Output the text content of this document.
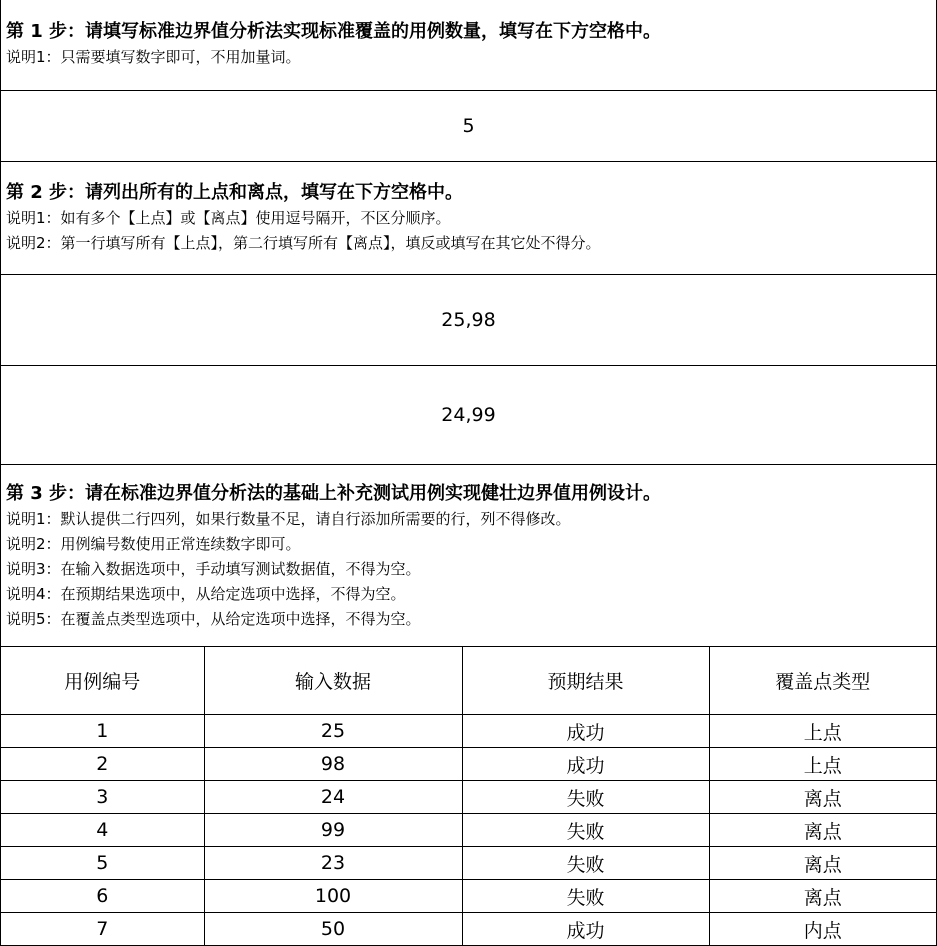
第 1 步：请填写标准边界值分析法实现标准覆盖的用例数量，填写在下方空格中。
说明1：只需要填写数字即可，不用加量词。
5
第 2 步：请列出所有的上点和离点，填写在下方空格中。
说明1：如有多个【上点】或【离点】使用逗号隔开，不区分顺序。
说明2：第一行填写所有【上点】，第二行填写所有【离点】，填反或填写在其它处不得分。
25,98
24,99
第 3 步：请在标准边界值分析法的基础上补充测试用例实现健壮边界值用例设计。
说明1：默认提供二行四列，如果行数量不足，请自行添加所需要的行，列不得修改。
说明2：用例编号数使用正常连续数字即可。
说明3：在输入数据选项中，手动填写测试数据值，不得为空。
说明4：在预期结果选项中，从给定选项中选择，不得为空。
说明5：在覆盖点类型选项中，从给定选项中选择，不得为空。
用例编号	输入数据	预期结果	覆盖点类型
1	25	成功	上点
2	98	成功	上点
3	24	失败	离点
4	99	失败	离点
5	23	失败	离点
6	100	失败	离点
7	50	成功	内点
